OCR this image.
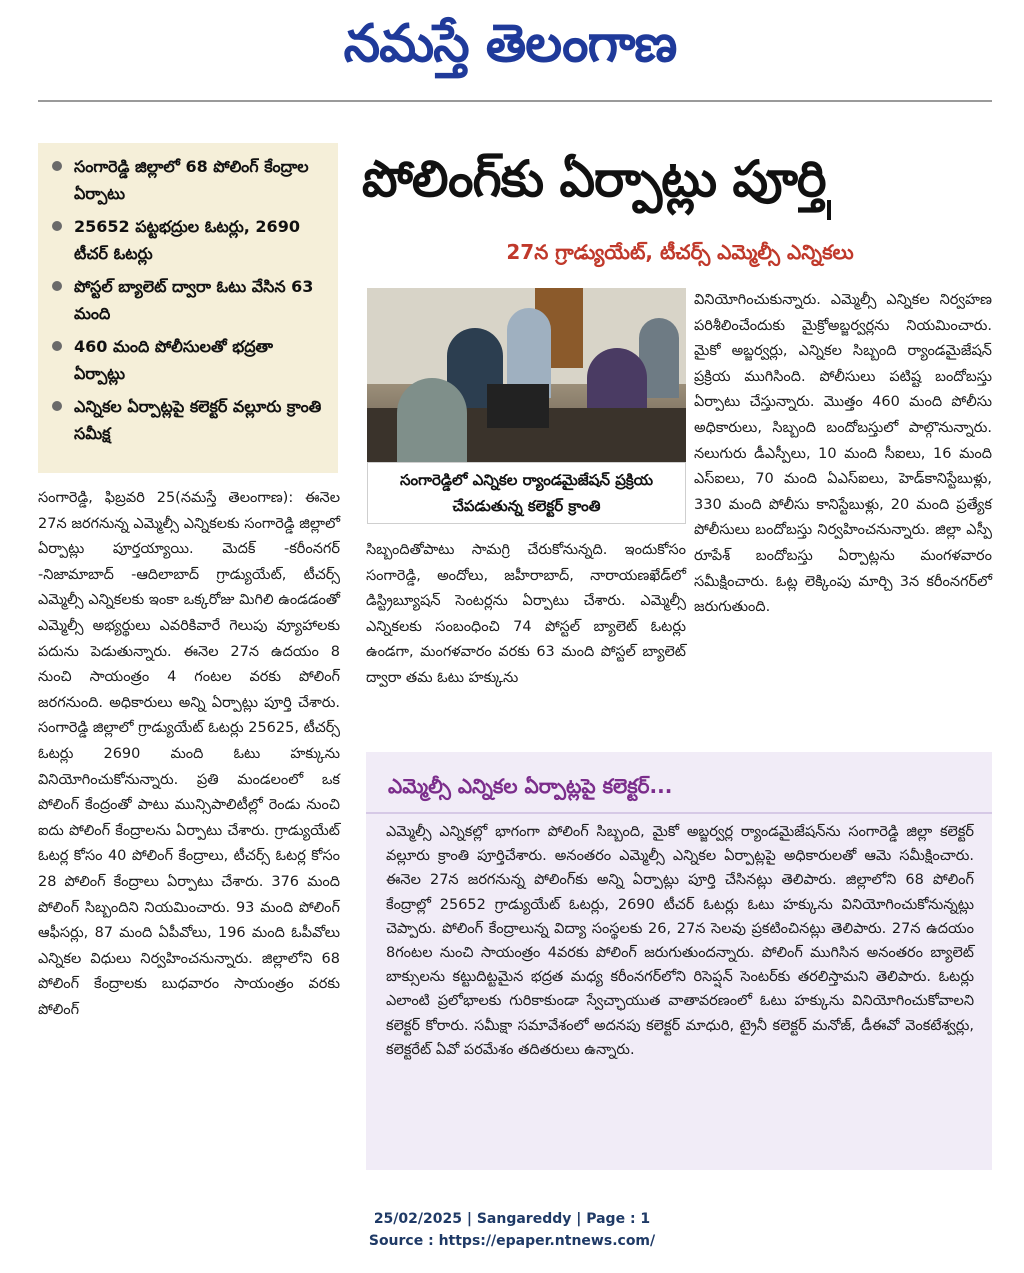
నమస్తే తెలంగాణ
సంగారెడ్డి జిల్లాలో 68 పోలింగ్ కేంద్రాల ఏర్పాటు
25652 పట్టభద్రుల ఓటర్లు, 2690 టీచర్ ఓటర్లు
పోస్టల్ బ్యాలెట్ ద్వారా ఓటు వేసిన 63 మంది
460 మంది పోలీసులతో భద్రతా ఏర్పాట్లు
ఎన్నికల ఏర్పాట్లపై కలెక్టర్ వల్లూరు క్రాంతి సమీక్ష
పోలింగ్‌కు ఏర్పాట్లు పూర్తి
27న గ్రాడ్యుయేట్, టీచర్స్ ఎమ్మెల్సీ ఎన్నికలు
సంగారెడ్డిలో ఎన్నికల ర్యాండమైజేషన్ ప్రక్రియ చేపడుతున్న కలెక్టర్ క్రాంతి

సంగారెడ్డి, ఫిబ్రవరి 25(నమస్తే తెలంగాణ): ఈనెల 27న జరగనున్న ఎమ్మెల్సీ ఎన్నికలకు సంగారెడ్డి జిల్లాలో ఏర్పాట్లు పూర్తయ్యాయి. మెదక్ -కరీంనగర్ -నిజామాబాద్ -ఆదిలాబాద్ గ్రాడ్యుయేట్, టీచర్స్ ఎమ్మెల్సీ ఎన్నికలకు ఇంకా ఒక్కరోజు మిగిలి ఉండడంతో ఎమ్మెల్సీ అభ్యర్థులు ఎవరికివారే గెలుపు వ్యూహాలకు పదును పెడుతున్నారు. ఈనెల 27న ఉదయం 8 నుంచి సాయంత్రం 4 గంటల వరకు పోలింగ్ జరగనుంది. అధికారులు అన్ని ఏర్పాట్లు పూర్తి చేశారు. సంగారెడ్డి జిల్లాలో గ్రాడ్యుయేట్ ఓటర్లు 25625, టీచర్స్ ఓటర్లు 2690 మంది ఓటు హక్కును వినియోగించుకోనున్నారు. ప్రతి మండలంలో ఒక పోలింగ్ కేంద్రంతో పాటు మున్సిపాలిటీల్లో రెండు నుంచి ఐదు పోలింగ్ కేంద్రాలను ఏర్పాటు చేశారు. గ్రాడ్యుయేట్ ఓటర్ల కోసం 40 పోలింగ్ కేంద్రాలు, టీచర్స్ ఓటర్ల కోసం 28 పోలింగ్ కేంద్రాలు ఏర్పాటు చేశారు. 376 మంది పోలింగ్ సిబ్బందిని నియమించారు. 93 మంది పోలింగ్ ఆఫీసర్లు, 87 మంది ఏపీవోలు, 196 మంది ఓపీవోలు ఎన్నికల విధులు నిర్వహించనున్నారు. జిల్లాలోని 68 పోలింగ్ కేంద్రాలకు బుధవారం సాయంత్రం వరకు పోలింగ్

సిబ్బందితోపాటు సామగ్రి చేరుకోనున్నది. ఇందుకోసం సంగారెడ్డి, అందోలు, జహీరాబాద్, నారాయణఖేడ్‌లో డిస్ట్రిబ్యూషన్ సెంటర్లను ఏర్పాటు చేశారు. ఎమ్మెల్సీ ఎన్నికలకు సంబంధించి 74 పోస్టల్ బ్యాలెట్ ఓటర్లు ఉండగా, మంగళవారం వరకు 63 మంది పోస్టల్ బ్యాలెట్ ద్వారా తమ ఓటు హక్కును

వినియోగించుకున్నారు. ఎమ్మెల్సీ ఎన్నికల నిర్వహణ పరిశీలించేందుకు మైక్రోఅబ్జర్వర్లను నియమించారు. మైకో అబ్జర్వర్లు, ఎన్నికల సిబ్బంది ర్యాండమైజేషన్ ప్రక్రియ ముగిసింది. పోలీసులు పటిష్ట బందోబస్తు ఏర్పాటు చేస్తున్నారు. మొత్తం 460 మంది పోలీసు అధికారులు, సిబ్బంది బందోబస్తులో పాల్గొనున్నారు. నలుగురు డీఎస్పీలు, 10 మంది సీఐలు, 16 మంది ఎస్ఐలు, 70 మంది ఏఎస్ఐలు, హెడ్‌కానిస్టేబుళ్లు, 330 మంది పోలీసు కానిస్టేబుళ్లు, 20 మంది ప్రత్యేక పోలీసులు బందోబస్తు నిర్వహించనున్నారు. జిల్లా ఎస్పీ రూపేశ్ బందోబస్తు ఏర్పాట్లను మంగళవారం సమీక్షించారు. ఓట్ల లెక్కింపు మార్చి 3న కరీంనగర్‌లో జరుగుతుంది.

ఎమ్మెల్సీ ఎన్నికల ఏర్పాట్లపై కలెక్టర్...
ఎమ్మెల్సీ ఎన్నికల్లో భాగంగా పోలింగ్ సిబ్బంది, మైకో అబ్జర్వర్ల ర్యాండమైజేషన్‌ను సంగారెడ్డి జిల్లా కలెక్టర్ వల్లూరు క్రాంతి పూర్తిచేశారు. అనంతరం ఎమ్మెల్సీ ఎన్నికల ఏర్పాట్లపై అధికారులతో ఆమె సమీక్షించారు. ఈనెల 27న జరగనున్న పోలింగ్‌కు అన్ని ఏర్పాట్లు పూర్తి చేసినట్లు తెలిపారు. జిల్లాలోని 68 పోలింగ్ కేంద్రాల్లో 25652 గ్రాడ్యుయేట్ ఓటర్లు, 2690 టీచర్ ఓటర్లు ఓటు హక్కును వినియోగించుకోనున్నట్లు చెప్పారు. పోలింగ్ కేంద్రాలున్న విద్యా సంస్థలకు 26, 27న సెలవు ప్రకటించినట్లు తెలిపారు. 27న ఉదయం 8గంటల నుంచి సాయంత్రం 4వరకు పోలింగ్ జరుగుతుందన్నారు. పోలింగ్ ముగిసిన అనంతరం బ్యాలెట్ బాక్సులను కట్టుదిట్టమైన భద్రత మధ్య కరీంనగర్‌లోని రిసెప్షన్ సెంటర్‌కు తరలిస్తామని తెలిపారు. ఓటర్లు ఎలాంటి ప్రలోభాలకు గురికాకుండా స్వేచ్ఛాయుత వాతావరణంలో ఓటు హక్కును వినియోగించుకోవాలని కలెక్టర్ కోరారు. సమీక్షా సమావేశంలో అదనపు కలెక్టర్ మాధురి, ట్రైనీ కలెక్టర్ మనోజ్, డీఈవో వెంకటేశ్వర్లు, కలెక్టరేట్ ఏవో పరమేశం తదితరులు ఉన్నారు.
25/02/2025 | Sangareddy | Page : 1
Source : https://epaper.ntnews.com/
